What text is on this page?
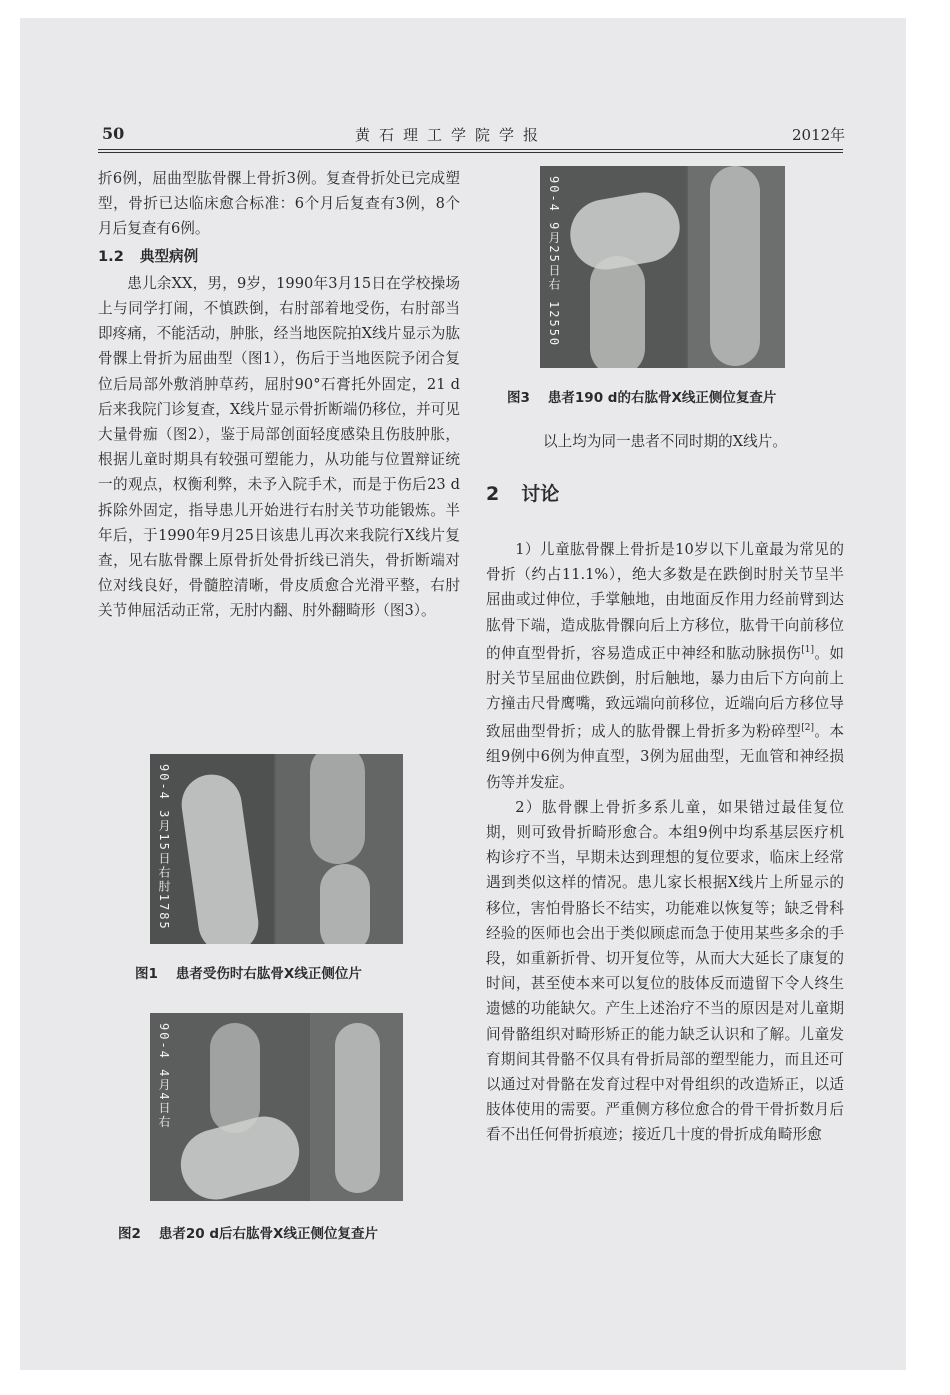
50	黄石理工学院学报	2012年

折6例，屈曲型肱骨髁上骨折3例。复查骨折处已完成塑型，骨折已达临床愈合标准：6个月后复查有3例，8个月后复查有6例。

1.2 典型病例

患儿余XX，男，9岁，1990年3月15日在学校操场上与同学打闹，不慎跌倒，右肘部着地受伤，右肘部当即疼痛，不能活动，肿胀，经当地医院拍X线片显示为肱骨髁上骨折为屈曲型（图1），伤后于当地医院予闭合复位后局部外敷消肿草药，屈肘90°石膏托外固定，21 d后来我院门诊复查，X线片显示骨折断端仍移位，并可见大量骨痂（图2），鉴于局部创面轻度感染且伤肢肿胀，根据儿童时期具有较强可塑能力，从功能与位置辩证统一的观点，权衡利弊，未予入院手术，而是于伤后23 d拆除外固定，指导患儿开始进行右肘关节功能锻炼。半年后，于1990年9月25日该患儿再次来我院行X线片复查，见右肱骨髁上原骨折处骨折线已消失，骨折断端对位对线良好，骨髓腔清晰，骨皮质愈合光滑平整，右肘关节伸屈活动正常，无肘内翻、肘外翻畸形（图3）。

90-4 3月15日右肘1785
图1 患者受伤时右肱骨X线正侧位片
90-4 4月4日右
图2 患者20 d后右肱骨X线正侧位复查片
90-4 9月25日右 12550
图3 患者190 d的右肱骨X线正侧位复查片
以上均为同一患者不同时期的X线片。
2 讨论

1）儿童肱骨髁上骨折是10岁以下儿童最为常见的骨折（约占11.1%），绝大多数是在跌倒时肘关节呈半屈曲或过伸位，手掌触地，由地面反作用力经前臂到达肱骨下端，造成肱骨髁向后上方移位，肱骨干向前移位的伸直型骨折，容易造成正中神经和肱动脉损伤[1]。如肘关节呈屈曲位跌倒，肘后触地，暴力由后下方向前上方撞击尺骨鹰嘴，致远端向前移位，近端向后方移位导致屈曲型骨折；成人的肱骨髁上骨折多为粉碎型[2]。本组9例中6例为伸直型，3例为屈曲型，无血管和神经损伤等并发症。

2）肱骨髁上骨折多系儿童，如果错过最佳复位期，则可致骨折畸形愈合。本组9例中均系基层医疗机构诊疗不当，早期未达到理想的复位要求，临床上经常遇到类似这样的情况。患儿家长根据X线片上所显示的移位，害怕骨胳长不结实，功能难以恢复等；缺乏骨科经验的医师也会出于类似顾虑而急于使用某些多余的手段，如重新折骨、切开复位等，从而大大延长了康复的时间，甚至使本来可以复位的肢体反而遗留下令人终生遗憾的功能缺欠。产生上述治疗不当的原因是对儿童期间骨骼组织对畸形矫正的能力缺乏认识和了解。儿童发育期间其骨骼不仅具有骨折局部的塑型能力，而且还可以通过对骨骼在发育过程中对骨组织的改造矫正，以适肢体使用的需要。严重侧方移位愈合的骨干骨折数月后看不出任何骨折痕迹；接近几十度的骨折成角畸形愈
